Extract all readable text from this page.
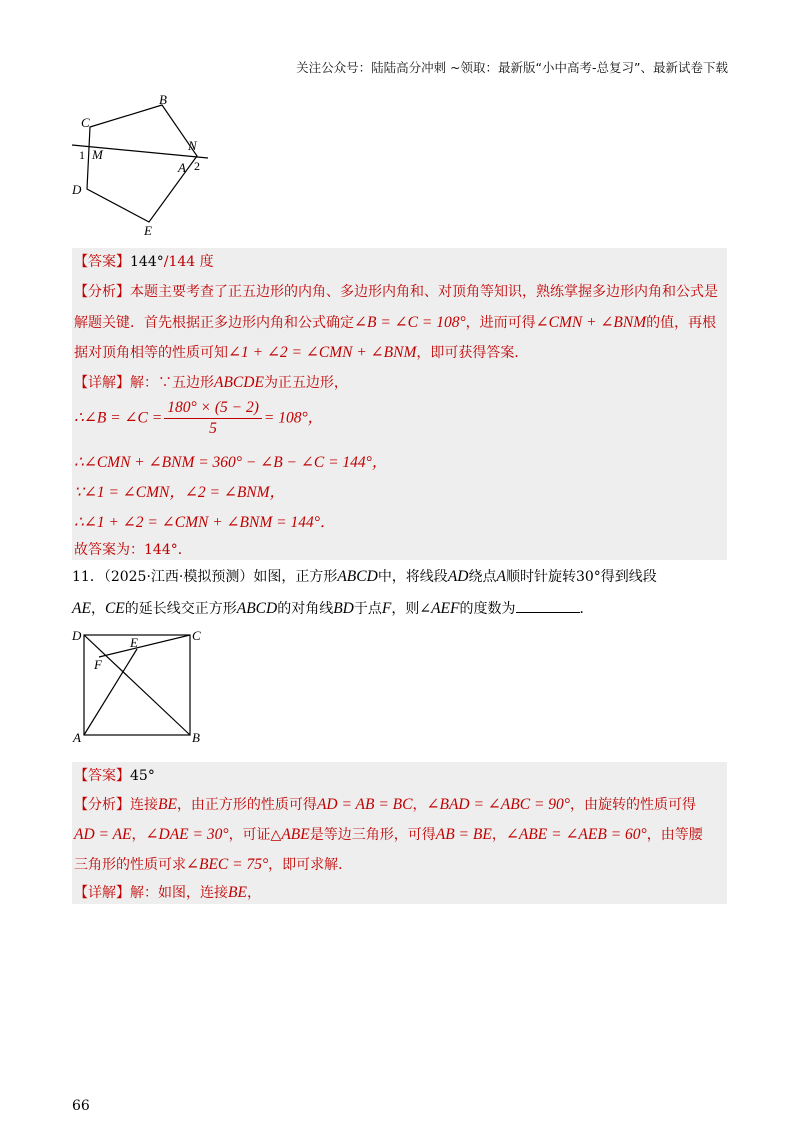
关注公众号：陆陆高分冲刺 ~领取：最新版“小中高考-总复习”、最新试卷下载
B
C
1 M
N
A 2
D
E
【答案】144°/144 度
【分析】本题主要考查了正五边形的内角、多边形内角和、对顶角等知识，熟练掌握多边形内角和公式是
解题关键．首先根据正多边形内角和公式确定∠B = ∠C = 108°，进而可得∠CMN + ∠BNM的值，再根
据对顶角相等的性质可知∠1 + ∠2 = ∠CMN + ∠BNM，即可获得答案．
【详解】解：∵五边形ABCDE为正五边形，
∴∠B = ∠C = $\frac{180^\circ \times (5 - 2)}{5} = 108^\circ$，
∴∠CMN + ∠BNM = 360° − ∠B − ∠C = 144°，
∵∠1 = ∠CMN，∠2 = ∠BNM，
∴∠1 + ∠2 = ∠CMN + ∠BNM = 144°．
故答案为：144°．
11．（2025·江西·模拟预测）如图，正方形ABCD中，将线段AD绕点A顺时针旋转30°得到线段
AE，CE的延长线交正方形ABCD的对角线BD于点F，则∠AEF的度数为	．
D	C
E
F
A	B
【答案】45°
【分析】连接BE，由正方形的性质可得AD = AB = BC，∠BAD = ∠ABC = 90°，由旋转的性质可得
AD = AE，∠DAE = 30°，可证△ABE是等边三角形，可得AB = BE，∠ABE = ∠AEB = 60°，由等腰
三角形的性质可求∠BEC = 75°，即可求解．
【详解】解：如图，连接BE，
66
